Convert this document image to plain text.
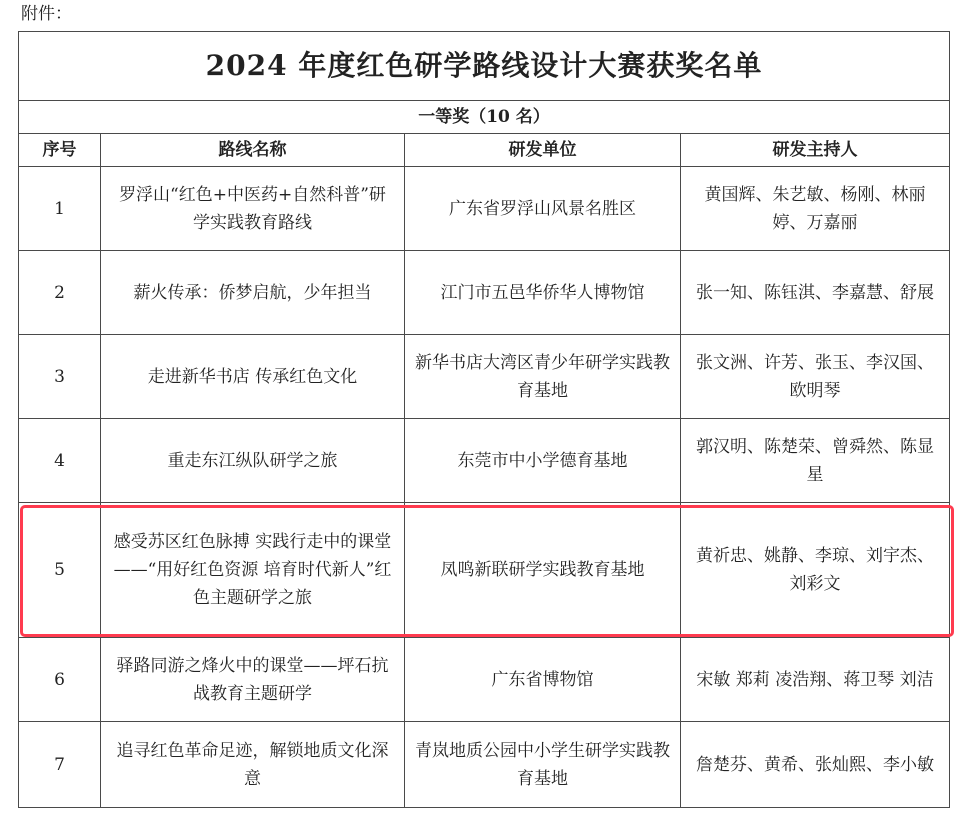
附件：
2024 年度红色研学路线设计大赛获奖名单			
一等奖（10 名）			
序号	路线名称	研发单位	研发主持人
1	罗浮山“红色+中医药+自然科普”研学实践教育路线	广东省罗浮山风景名胜区	黄国辉、朱艺敏、杨刚、林丽婷、万嘉丽
2	薪火传承：侨梦启航，少年担当	江门市五邑华侨华人博物馆	张一知、陈钰淇、李嘉慧、舒展
3	走进新华书店 传承红色文化	新华书店大湾区青少年研学实践教育基地	张文洲、许芳、张玉、李汉国、欧明琴
4	重走东江纵队研学之旅	东莞市中小学德育基地	郭汉明、陈楚荣、曾舜然、陈显星
5	感受苏区红色脉搏 实践行走中的课堂——“用好红色资源 培育时代新人”红色主题研学之旅	凤鸣新联研学实践教育基地	黄祈忠、姚静、李琼、刘宇杰、刘彩文
6	驿路同游之烽火中的课堂——坪石抗战教育主题研学	广东省博物馆	宋敏 郑莉 凌浩翔、蒋卫琴 刘洁
7	追寻红色革命足迹，解锁地质文化深意	青岚地质公园中小学生研学实践教育基地	詹楚芬、黄希、张灿熙、李小敏
